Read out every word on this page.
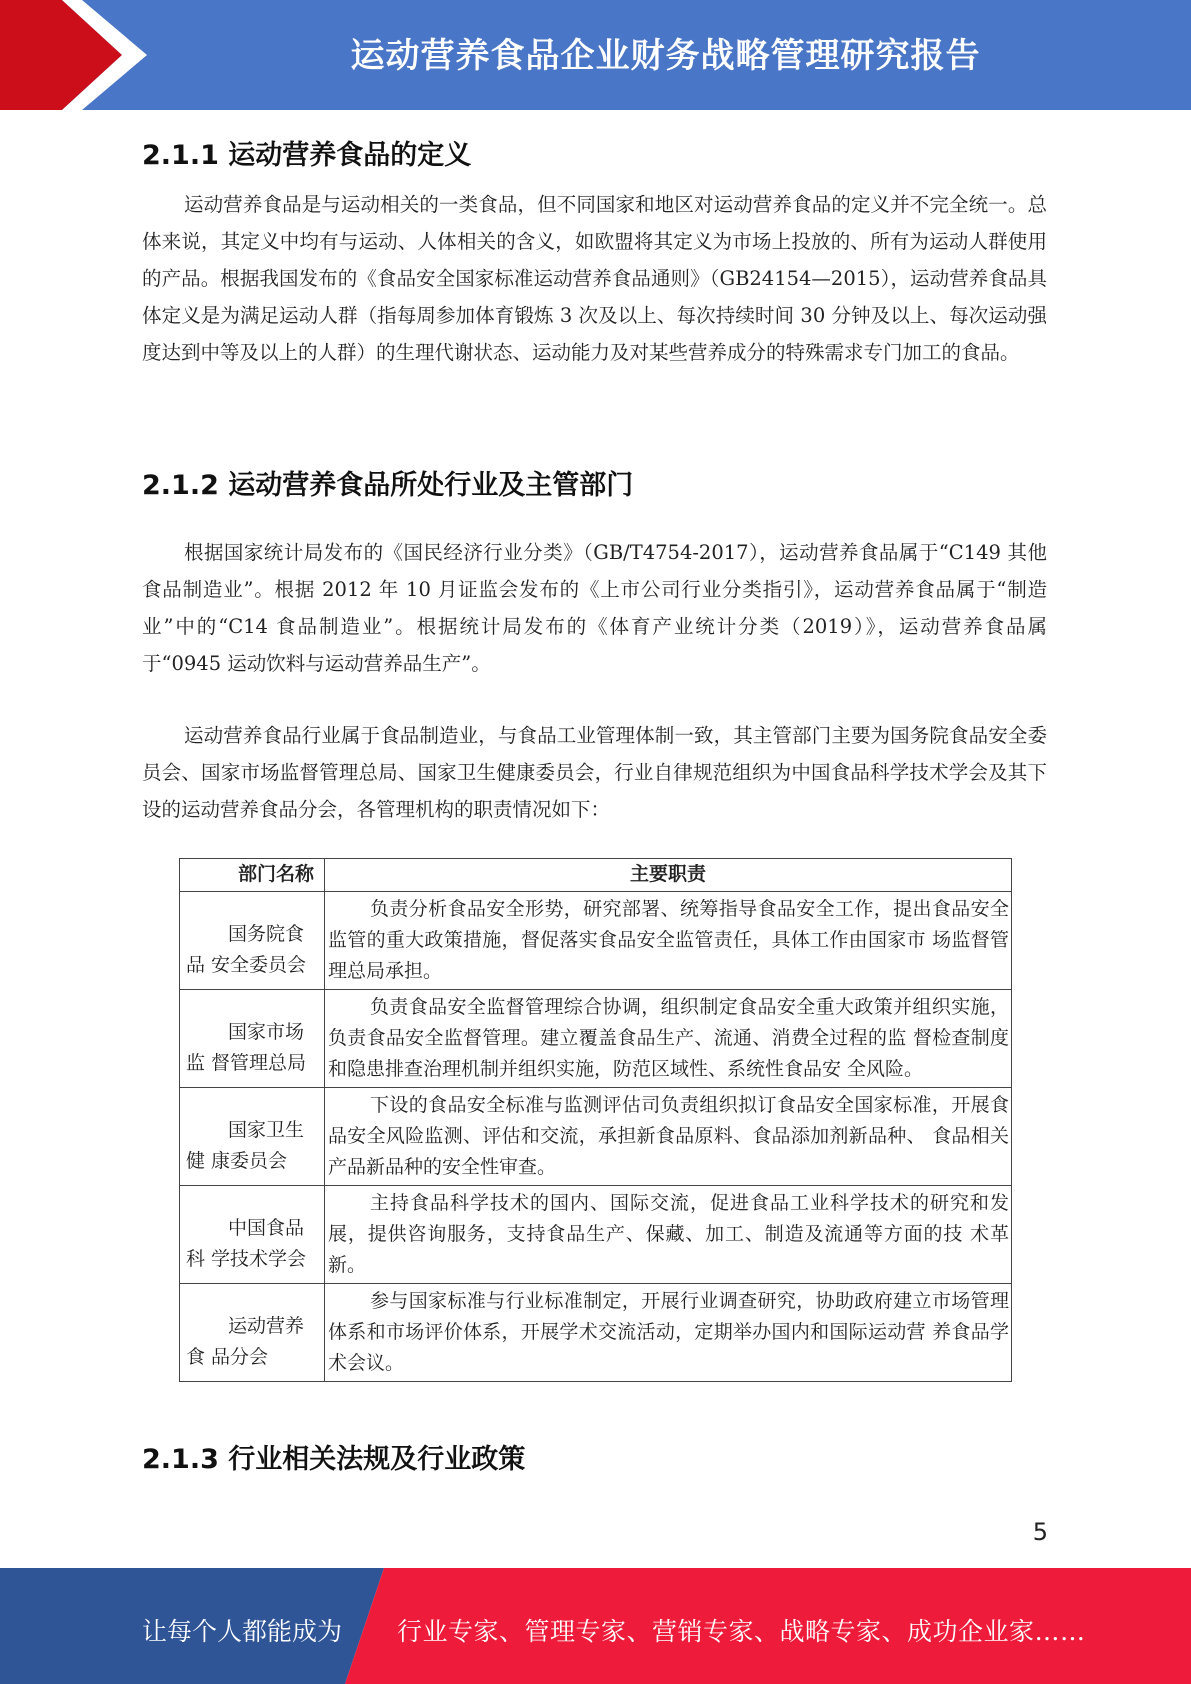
运动营养食品企业财务战略管理研究报告
2.1.1 运动营养食品的定义

运动营养食品是与运动相关的一类食品，但不同国家和地区对运动营养食品的定义并不完全统一。总体来说，其定义中均有与运动、人体相关的含义，如欧盟将其定义为市场上投放的、所有为运动人群使用的产品。根据我国发布的《食品安全国家标准运动营养食品通则》（GB24154—2015），运动营养食品具体定义是为满足运动人群（指每周参加体育锻炼 3 次及以上、每次持续时间 30 分钟及以上、每次运动强度达到中等及以上的人群）的生理代谢状态、运动能力及对某些营养成分的特殊需求专门加工的食品。

2.1.2 运动营养食品所处行业及主管部门

根据国家统计局发布的《国民经济行业分类》（GB/T4754-2017），运动营养食品属于“C149 其他食品制造业”。根据 2012 年 10 月证监会发布的《上市公司行业分类指引》，运动营养食品属于“制造业”中的“C14 食品制造业”。根据统计局发布的《体育产业统计分类（2019）》，运动营养食品属于“0945 运动饮料与运动营养品生产”。

运动营养食品行业属于食品制造业，与食品工业管理体制一致，其主管部门主要为国务院食品安全委员会、国家市场监督管理总局、国家卫生健康委员会，行业自律规范组织为中国食品科学技术学会及其下设的运动营养食品分会，各管理机构的职责情况如下：

部门名称	主要职责
国务院食品 安全委员会	负责分析食品安全形势，研究部署、统筹指导食品安全工作，提出食品安全监管的重大政策措施，督促落实食品安全监管责任，具体工作由国家市 场监督管理总局承担。
国家市场监 督管理总局	负责食品安全监督管理综合协调，组织制定食品安全重大政策并组织实施，负责食品安全监督管理。建立覆盖食品生产、流通、消费全过程的监 督检查制度和隐患排查治理机制并组织实施，防范区域性、系统性食品安 全风险。
国家卫生健 康委员会	下设的食品安全标准与监测评估司负责组织拟订食品安全国家标准，开展食品安全风险监测、评估和交流，承担新食品原料、食品添加剂新品种、 食品相关产品新品种的安全性审查。
中国食品科 学技术学会	主持食品科学技术的国内、国际交流，促进食品工业科学技术的研究和发展，提供咨询服务，支持食品生产、保藏、加工、制造及流通等方面的技 术革新。
运动营养食 品分会	参与国家标准与行业标准制定，开展行业调查研究，协助政府建立市场管理体系和市场评价体系，开展学术交流活动，定期举办国内和国际运动营 养食品学术会议。
2.1.3 行业相关法规及行业政策
5
让每个人都能成为 行业专家、管理专家、营销专家、战略专家、成功企业家……
